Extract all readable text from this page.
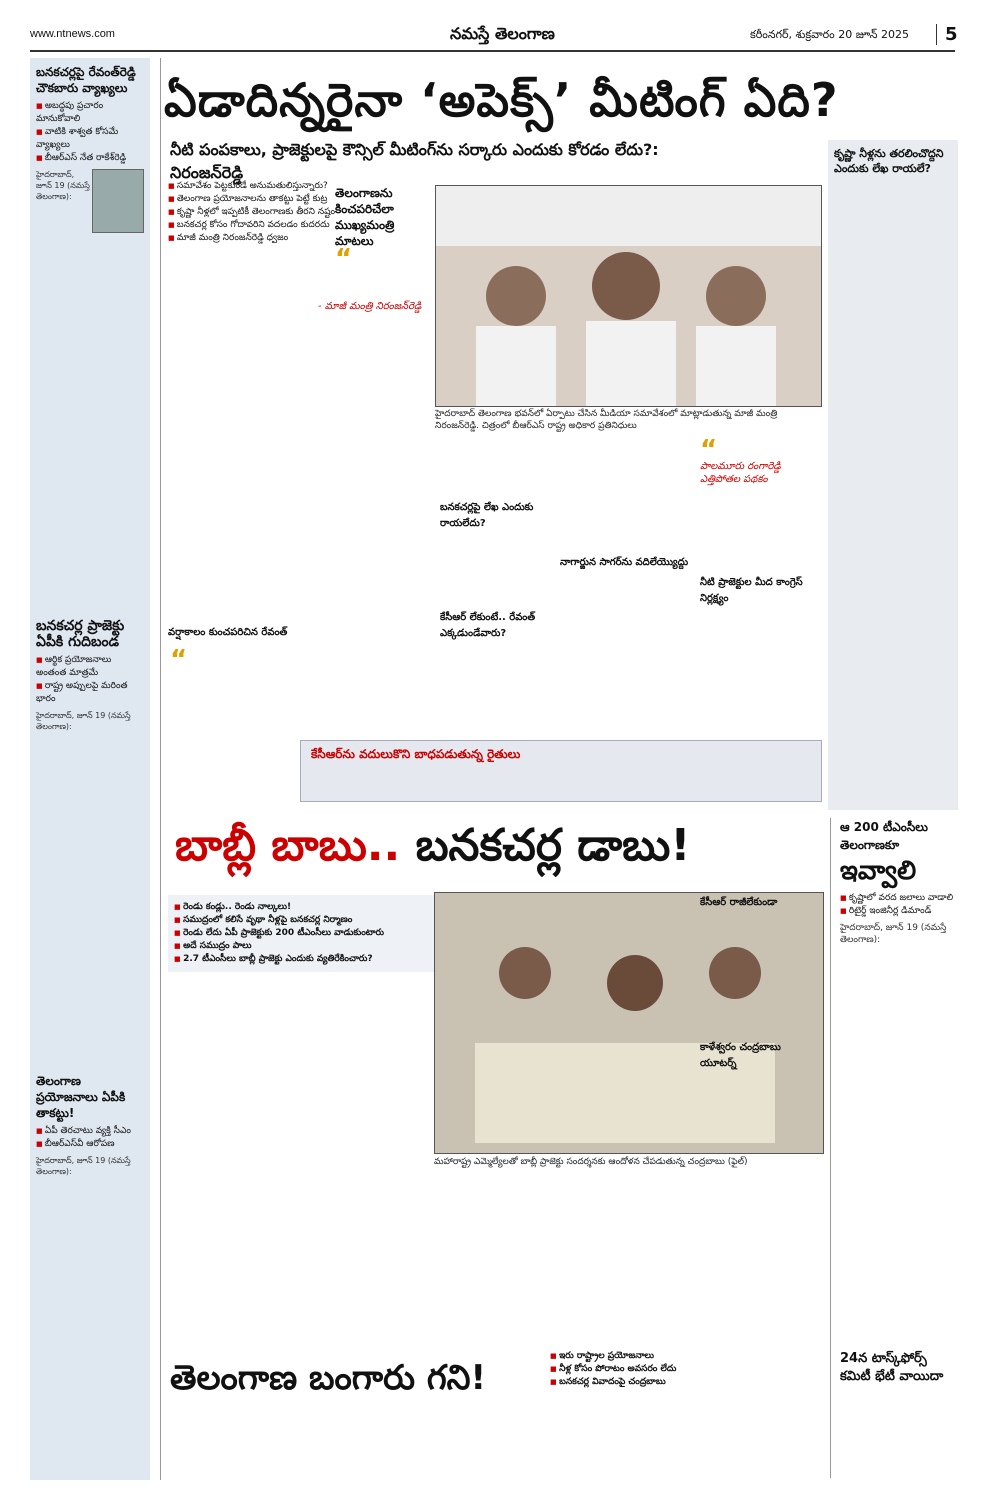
www.ntnews.com	నమస్తే తెలంగాణ	కరీంనగర్, శుక్రవారం 20 జూన్ 2025	5
బనకచర్లపై రేవంత్‌రెడ్డి చౌకబారు వ్యాఖ్యలు
■ అబద్ధపు ప్రచారం మానుకోవాలి
■ వాటికి శాశ్వత కోసమే వ్యాఖ్యలు
■ బీఆర్‌ఎస్ నేత రాకేశ్‌రెడ్డి
హైదరాబాద్, జూన్ 19 (నమస్తే తెలంగాణ):
బనకచర్ల ప్రాజెక్టు ఏపీకి గుదిబండ
■ ఆర్థిక ప్రయోజనాలు అంతంత మాత్రమే
■ రాష్ట్ర అప్పులపై మరింత భారం
హైదరాబాద్, జూన్ 19 (నమస్తే తెలంగాణ):
తెలంగాణ ప్రయోజనాలు ఏపీకి తాకట్టు!
■ ఏపీ తెరచాటు వ్యక్తి సీఎం
■ బీఆర్‌ఎస్‌వీ ఆరోపణ
హైదరాబాద్, జూన్ 19 (నమస్తే తెలంగాణ):
ఏడాదిన్నరైనా ‘అపెక్స్’ మీటింగ్ ఏది?
నీటి పంపకాలు, ప్రాజెక్టులపై కౌన్సిల్ మీటింగ్‌ను సర్కారు ఎందుకు కోరడం లేదు?: నిరంజన్‌రెడ్డి
■ సమావేశం పెట్టకుండే అనుమతులిస్తున్నారు?
■ తెలంగాణ ప్రయోజనాలను తాకట్టు పెట్టే కుట్ర
■ కృష్ణా నీళ్లలో ఇప్పటికీ తెలంగాణకు తీరని నష్టం
■ బనకచర్ల కోసం గోదావరిని వదలడం కుదరదు
■ మాజీ మంత్రి నిరంజన్‌రెడ్డి ధ్వజం
తెలంగాణను కించపరిచేలా ముఖ్యమంత్రి మాటలు
“
- మాజీ మంత్రి నిరంజన్‌రెడ్డి
హైదరాబాద్ తెలంగాణ భవన్‌లో ఏర్పాటు చేసిన మీడియా సమావేశంలో మాట్లాడుతున్న మాజీ మంత్రి నిరంజన్‌రెడ్డి. చిత్రంలో బీఆర్‌ఎస్ రాష్ట్ర అధికార ప్రతినిధులు
వర్షాకాలం కుంచపరిచిన రేవంత్
“
బనకచర్లపై లేఖ ఎందుకు రాయలేదు?
నాగార్జున సాగర్‌ను వదిలేయ్యొద్దు
కేసీఆర్ లేకుంటే.. రేవంత్ ఎక్కడుండేవారు?
నీటి ప్రాజెక్టుల మీద కాంగ్రెస్ నిర్లక్ష్యం
“
పాలమూరు రంగారెడ్డి ఎత్తిపోతల పథకం
కృష్ణా నీళ్లను తరలించొద్దని ఎందుకు లేఖ రాయలే?
కేసీఆర్‌ను వదులుకొని బాధపడుతున్న రైతులు
బాబ్లీ బాబు.. బనకచర్ల డాబు!
■ రెండు కండ్లు.. రెండు నాల్కలు!
■ సముద్రంలో కలిసే వృథా నీళ్లపై బనకచర్ల నిర్మాణం
■ రెండు లేదు ఏపీ ప్రాజెక్టుకు 200 టీఎంసీలు వాడుకుంటారు
■ అదే సముద్రం పాలు
■ 2.7 టీఎంసీలు బాబ్లీ ప్రాజెక్టు ఎందుకు వ్యతిరేకించారు?
మహారాష్ట్ర ఎమ్మెల్యేలతో బాబ్లీ ప్రాజెక్టు సందర్శనకు ఆందోళన చేపడుతున్న చంద్రబాబు (ఫైల్)
కేసీఆర్ రాజీలేకుండా
కాళేశ్వరం చంద్రబాబు యూటర్న్
ఆ 200 టీఎంసీలు తెలంగాణకూ
ఇవ్వాలి
■ కృష్ణాలో వరద జలాలు వాడాలి
■ రిటైర్డ్ ఇంజినీర్ల డిమాండ్
హైదరాబాద్, జూన్ 19 (నమస్తే తెలంగాణ):
24న టాస్క్‌ఫోర్స్ కమిటీ భేటీ వాయిదా
తెలంగాణ బంగారు గని!
■ ఇరు రాష్ట్రాల ప్రయోజనాలు
■ నీళ్ల కోసం పోరాటం అవసరం లేదు
■ బనకచర్ల వివాదంపై చంద్రబాబు
